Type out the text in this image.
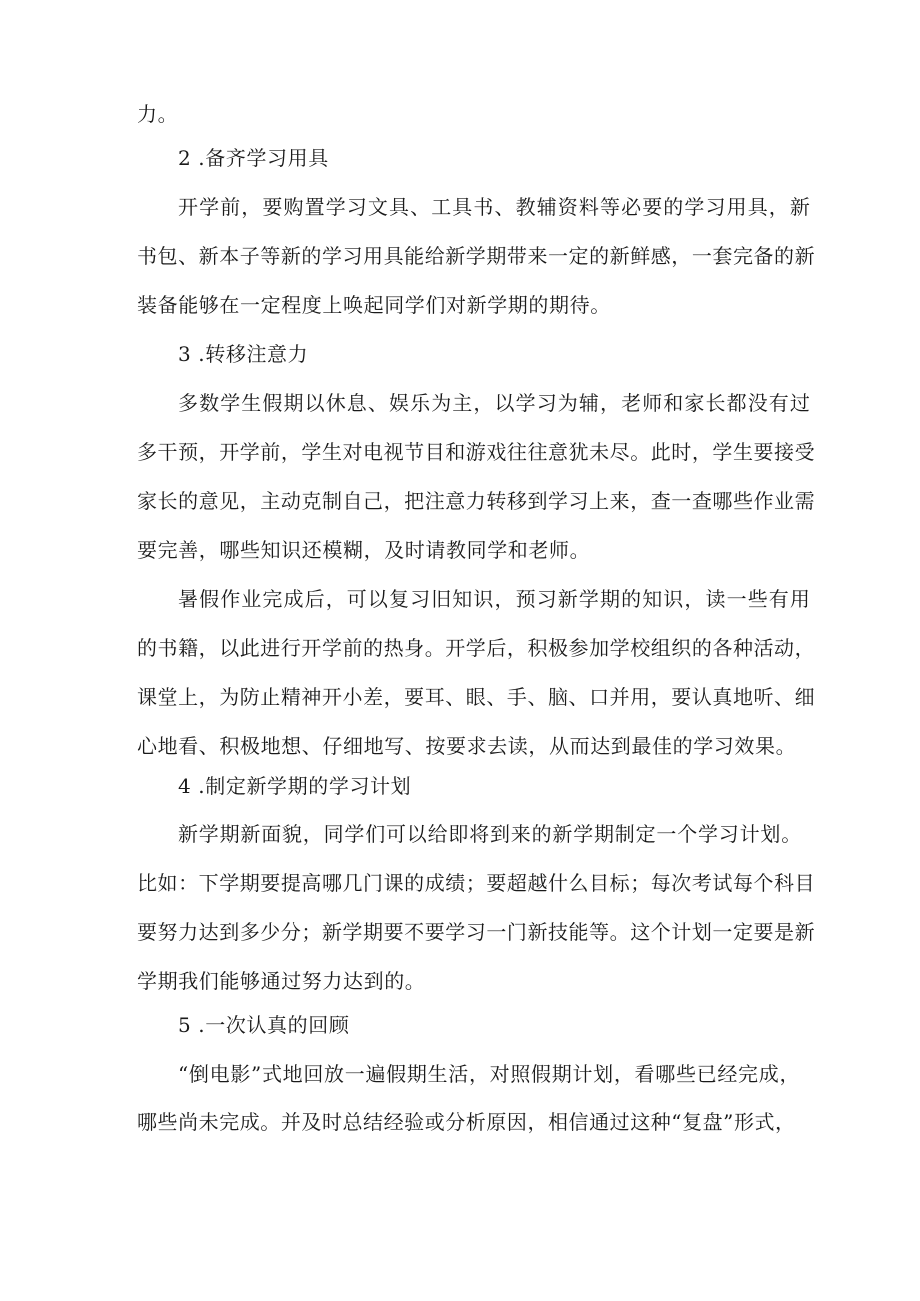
力。

2 .备齐学习用具

开学前，要购置学习文具、工具书、教辅资料等必要的学习用具，新

书包、新本子等新的学习用具能给新学期带来一定的新鲜感，一套完备的新

装备能够在一定程度上唤起同学们对新学期的期待。

3 .转移注意力

多数学生假期以休息、娱乐为主，以学习为辅，老师和家长都没有过

多干预，开学前，学生对电视节目和游戏往往意犹未尽。此时，学生要接受

家长的意见，主动克制自己，把注意力转移到学习上来，查一查哪些作业需

要完善，哪些知识还模糊，及时请教同学和老师。

暑假作业完成后，可以复习旧知识，预习新学期的知识，读一些有用

的书籍，以此进行开学前的热身。开学后，积极参加学校组织的各种活动，

课堂上，为防止精神开小差，要耳、眼、手、脑、口并用，要认真地听、细

心地看、积极地想、仔细地写、按要求去读，从而达到最佳的学习效果。

4 .制定新学期的学习计划

新学期新面貌，同学们可以给即将到来的新学期制定一个学习计划。

比如：下学期要提高哪几门课的成绩；要超越什么目标；每次考试每个科目

要努力达到多少分；新学期要不要学习一门新技能等。这个计划一定要是新

学期我们能够通过努力达到的。

5 .一次认真的回顾

“倒电影”式地回放一遍假期生活，对照假期计划，看哪些已经完成，

哪些尚未完成。并及时总结经验或分析原因，相信通过这种“复盘”形式，
